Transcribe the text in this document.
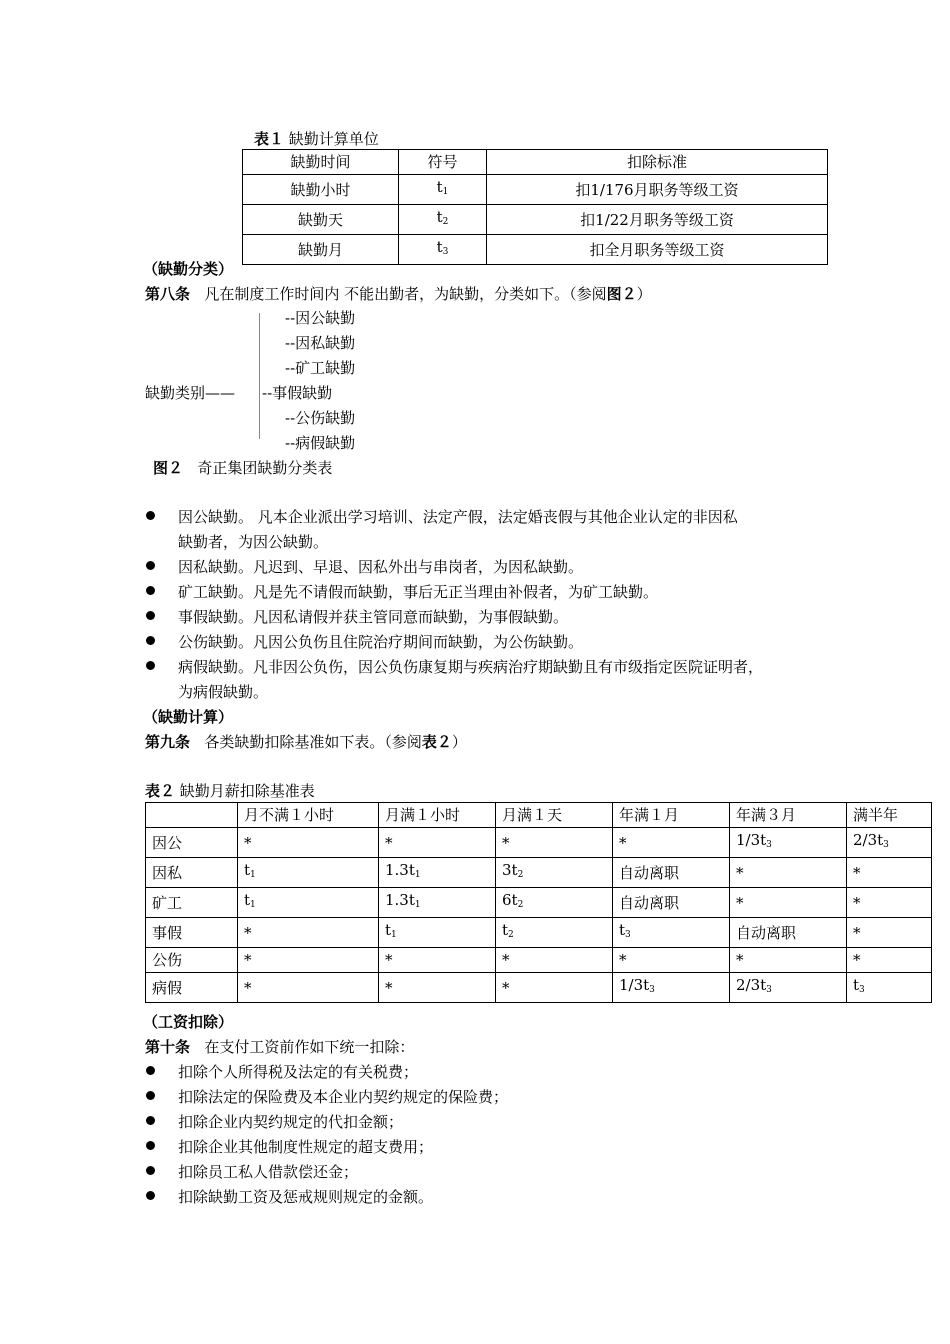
表１ 缺勤计算单位
缺勤时间	符号	扣除标准
缺勤小时	$t_1$	扣1/176月职务等级工资
缺勤天	$t_2$	扣1/22月职务等级工资
缺勤月	$t_3$	扣全月职务等级工资
（缺勤分类）
第八条 凡在制度工作时间内 不能出勤者，为缺勤，分类如下。（参阅图２）
缺勤类别——
--因公缺勤
--因私缺勤
--矿工缺勤
--事假缺勤
--公伤缺勤
--病假缺勤
图２ 奇正集团缺勤分类表
因公缺勤。 凡本企业派出学习培训、法定产假，法定婚丧假与其他企业认定的非因私
缺勤者，为因公缺勤。
因私缺勤。凡迟到、早退、因私外出与串岗者，为因私缺勤。
矿工缺勤。凡是先不请假而缺勤，事后无正当理由补假者，为矿工缺勤。
事假缺勤。凡因私请假并获主管同意而缺勤，为事假缺勤。
公伤缺勤。凡因公负伤且住院治疗期间而缺勤，为公伤缺勤。
病假缺勤。凡非因公负伤，因公负伤康复期与疾病治疗期缺勤且有市级指定医院证明者，
为病假缺勤。
（缺勤计算）
第九条 各类缺勤扣除基准如下表。（参阅表２）
表２ 缺勤月薪扣除基准表
	月不满１小时	月满１小时	月满１天	年满１月	年满３月	满半年
因公	*	*	*	*	$1/3t_3$	$2/3t_3$
因私	$t_1$	$1.3t_1$	$3t_2$	自动离职	*	*
矿工	$t_1$	$1.3t_1$	$6t_2$	自动离职	*	*
事假	*	$t_1$	$t_2$	$t_3$	自动离职	*
公伤	*	*	*	*	*	*
病假	*	*	*	$1/3t_3$	$2/3t_3$	$t_3$
（工资扣除）
第十条 在支付工资前作如下统一扣除：
扣除个人所得税及法定的有关税费；
扣除法定的保险费及本企业内契约规定的保险费；
扣除企业内契约规定的代扣金额；
扣除企业其他制度性规定的超支费用；
扣除员工私人借款偿还金；
扣除缺勤工资及惩戒规则规定的金额。
